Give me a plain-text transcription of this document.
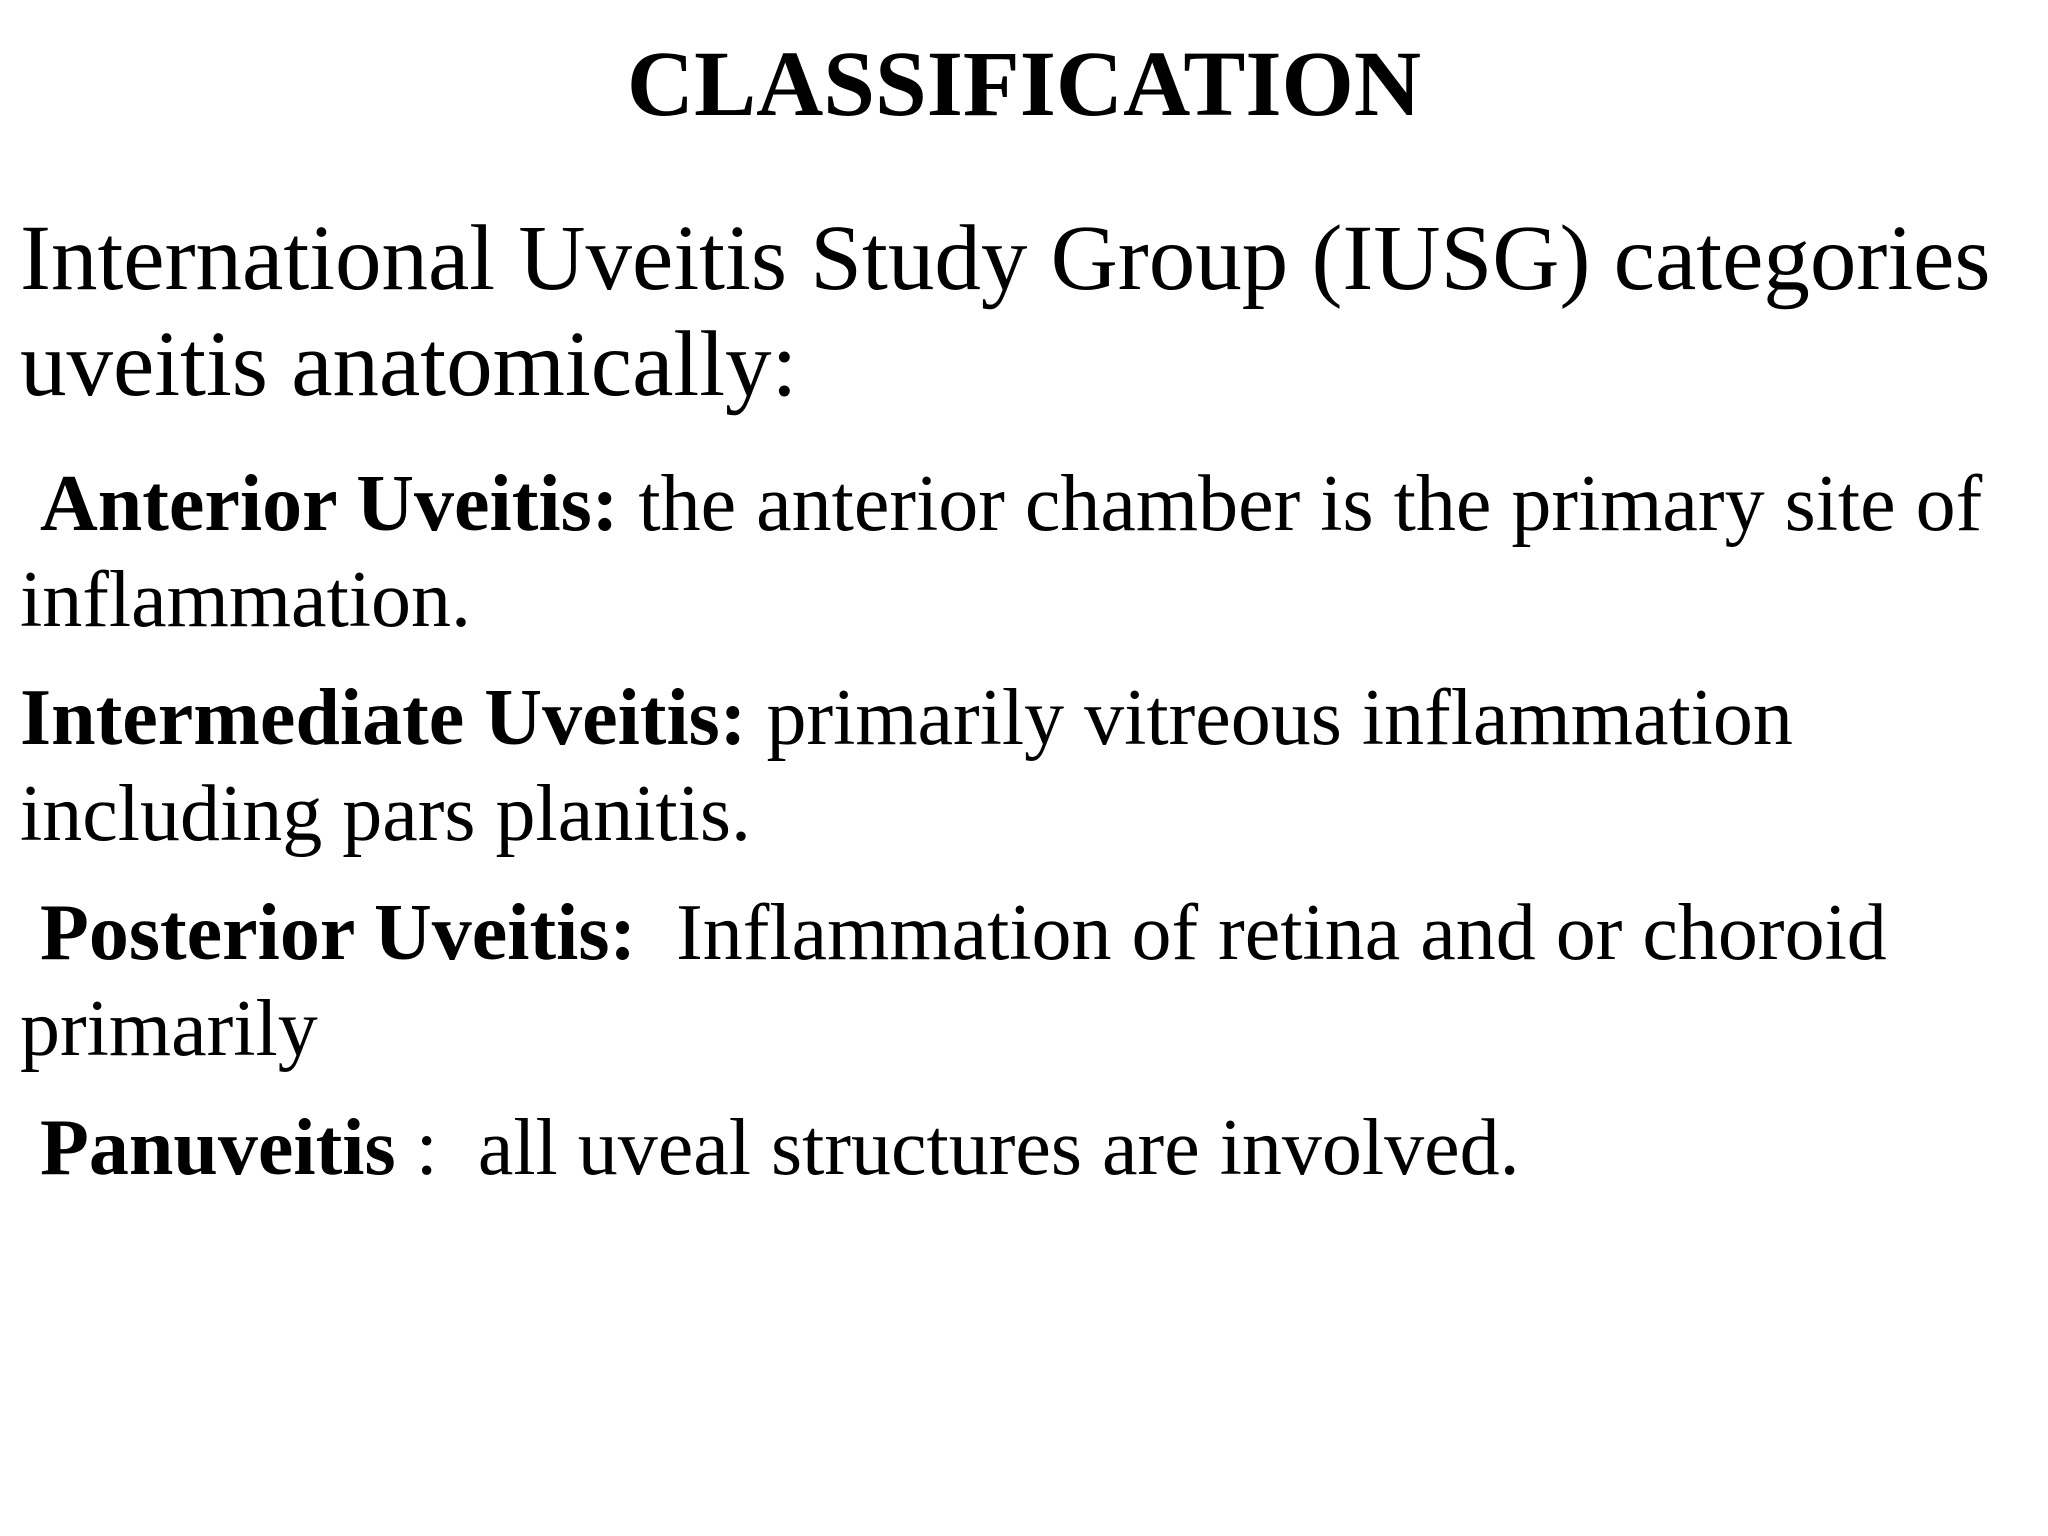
CLASSIFICATION
International Uveitis Study Group (IUSG) categories
uveitis anatomically:
Anterior Uveitis: the anterior chamber is the primary site of
inflammation.
Intermediate Uveitis: primarily vitreous inflammation
including pars planitis.
Posterior Uveitis:  Inflammation of retina and or choroid
primarily
Panuveitis :  all uveal structures are involved.
